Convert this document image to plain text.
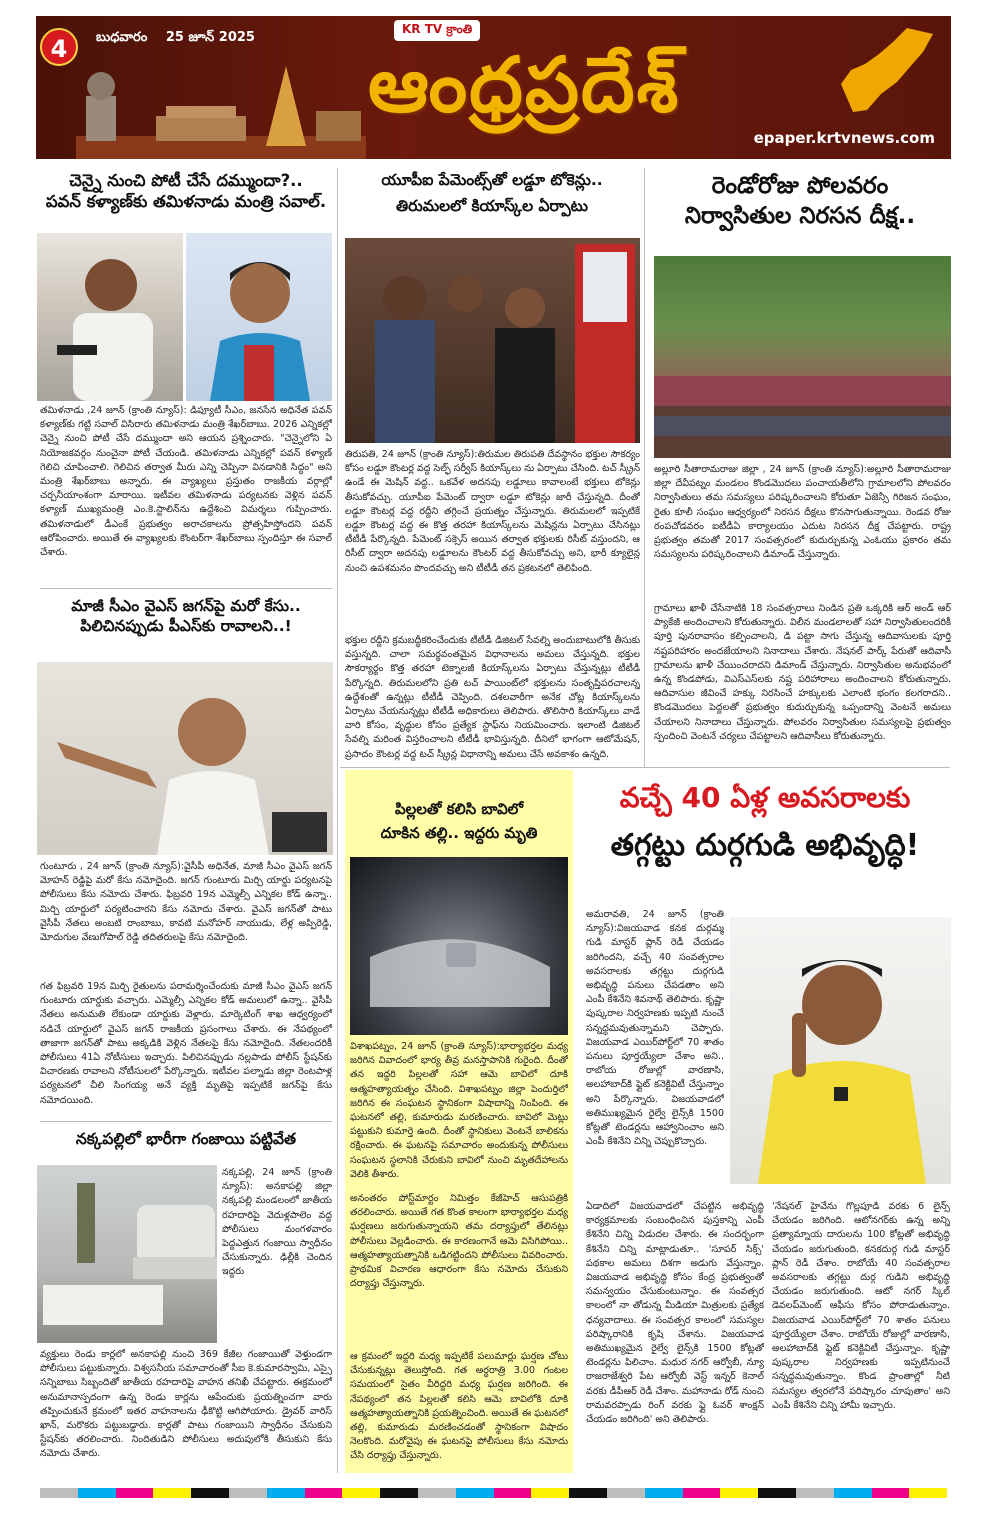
4	బుధవారం 25 జూన్ 2025
KR TV క్రాంతి
ఆంధ్రప్రదేశ్
epaper.krtvnews.com
చెన్నై నుంచి పోటీ చేసే దమ్ముందా?..
పవన్ కళ్యాణ్‌కు తమిళనాడు మంత్రి సవాల్.
తమిళనాడు ,24 జూన్ (క్రాంతి న్యూస్): డిప్యూటీ సీఎం, జనసేన అధినేత పవన్ కళ్యాణ్‌కు గట్టి సవాల్ విసిరారు తమిళనాడు మంత్రి శేఖర్‌బాబు. 2026 ఎన్నికల్లో చెన్నై నుంచి పోటీ చేసే దమ్ముందా అని ఆయన ప్రశ్నించారు. "చెన్నైలోని ఏ నియోజకవర్గం నుంచైనా పోటీ చేయండి. తమిళనాడు ఎన్నికల్లో పవన్ కళ్యాణ్ గెలిచి చూపించాలి. గెలిచిన తర్వాత మీరు ఎన్ని చెప్పినా వినడానికి సిద్ధం" అని మంత్రి శేఖర్‌బాబు అన్నారు. ఈ వ్యాఖ్యలు ప్రస్తుతం రాజకీయ వర్గాల్లో చర్చనీయాంశంగా మారాయి. ఇటీవల తమిళనాడు పర్యటనకు వెళ్లిన పవన్ కళ్యాణ్ ముఖ్యమంత్రి ఎం.కె.స్టాలిన్‌ను ఉద్దేశించి విమర్శలు గుప్పించారు. తమిళనాడులో డీఎంకే ప్రభుత్వం అరాచకాలను ప్రోత్సహిస్తోందని పవన్ ఆరోపించారు. అయితే ఈ వ్యాఖ్యలకు కౌంటర్‌గా శేఖర్‌బాబు స్పందిస్తూ ఈ సవాల్ చేశారు.
మాజీ సీఎం వైఎస్ జగన్‌పై మరో కేసు..
పిలిచినప్పుడు పీఎస్‌కు రావాలని..!
గుంటూరు , 24 జూన్ (క్రాంతి న్యూస్):వైసీపీ అధినేత, మాజీ సీఎం వైఎస్ జగన్ మోహన్ రెడ్డిపై మరో కేసు నమోదైంది. జగన్ గుంటూరు మిర్చి యార్డు పర్యటనపై పోలీసులు కేసు నమోదు చేశారు. ఫిబ్రవరి 19న ఎమ్మెల్సీ ఎన్నికల కోడ్ ఉన్నా.. మిర్చి యార్డులో పర్యటించారని కేసు నమోదు చేశారు. వైఎస్ జగన్‌తో పాటు వైసీపీ నేతలు అంబటి రాంబాబు, కావటి మనోహర్ నాయుడు, లేళ్ల అప్పిరెడ్డి, మోదుగుల వేణుగోపాల్ రెడ్డి తదితరులపై కేసు నమోదైంది.
గత ఫిబ్రవరి 19న మిర్చి రైతులను పరామర్శించేందుకు మాజీ సీఎం వైఎస్ జగన్ గుంటూరు యార్డుకు వచ్చారు. ఎమ్మెల్సీ ఎన్నికల కోడ్ అమలులో ఉన్నా.. వైసీపీ నేతలు అనుమతి లేకుండా యార్డుకు వెళ్లారు. మార్కెటింగ్ శాఖ ఆధ్వర్యంలో నడిచే యార్డులో వైఎస్ జగన్ రాజకీయ ప్రసంగాలు చేశారు. ఈ నేపథ్యంలో తాజాగా జగన్‌తో పాటు అక్కడికి వెళ్లిన నేతలపై కేసు నమోదైంది. నేతలందరికీ పోలీసులు 41ఏ నోటీసులు ఇచ్చారు. పిలిచినప్పుడు నల్లపాడు పోలీస్ స్టేషన్‌కు విచారణకు రావాలని నోటీసులలో పేర్కొన్నారు. ఇటీవల పల్నాడు జిల్లా రెంటపాళ్ల పర్యటనలో చీలి సింగయ్య అనే వ్యక్తి మృతిపై ఇప్పటికే జగన్‌పై కేసు నమోదయింది.
నక్కపల్లిలో భారీగా గంజాయి పట్టివేత
నక్కపల్లి, 24 జూన్ (క్రాంతి న్యూస్): అనకాపల్లి జిల్లా నక్కపల్లి మండలంలో జాతీయ రహదారిపై వెదుళ్లపాలెం వద్ద పోలీసులు మంగళవారం పెద్దఎత్తున గంజాయి స్వాధీనం చేసుకున్నారు. ఢిల్లీకి చెందిన ఇద్దరు
వ్యక్తులు రెండు కార్లలో అనకాపల్లి నుంచి 369 కేజీల గంజాయితో వెళ్తుండగా పోలీసులు పట్టుకున్నారు. విశ్వసనీయ సమాచారంతో సీఐ కె.కుమారస్వామి, ఎస్సై సన్నిబాబు సిబ్బందితో జాతీయ రహదారిపై వాహన తనిఖీ చేపట్టారు. ఈక్రమంలో అనుమానాస్పదంగా ఉన్న రెండు కార్లను ఆపేందుకు ప్రయత్నించగా వారు తప్పించుకునే క్రమంలో ఇతర వాహనాలను ఢీకొట్టి ఆగిపోయారు. డ్రైవర్ వారిస్ ఖాన్, మరొకరు పట్టుబడ్డారు. కార్లతో పాటు గంజాయిని స్వాధీనం చేసుకుని స్టేషన్‌కు తరలించారు. నిందితుడిని పోలీసులు అదుపులోకి తీసుకుని కేసు నమోదు చేశారు.
యూపీఐ పేమెంట్స్‌తో లడ్డూ టోకెన్లు..
తిరుమలలో కియాస్క్‌ల ఏర్పాటు
తిరుపతి, 24 జూన్ (క్రాంతి న్యూస్):తిరుమల తిరుపతి దేవస్థానం భక్తుల సౌకర్యం కోసం లడ్డూ కౌంటర్ల వద్ద సెల్ఫ్ సర్వీస్ కియాస్క్‌లు ను ఏర్పాటు చేసింది. టచ్ స్క్రీన్ ఉండే ఈ మెషిన్ వద్ద.. ఒకవేళ అదనపు లడ్డూలు కావాలంటే భక్తులు టోకెన్లు తీసుకోవచ్చు. యూపీఐ పేమెంట్ ద్వారా లడ్డూ టోకెన్లు జారీ చేస్తున్నది. దీంతో లడ్డూ కౌంటర్ల వద్ద రద్దీని తగ్గించే ప్రయత్నం చేస్తున్నారు. తిరుమలలో ఇప్పటికే లడ్డూ కౌంటర్ల వద్ద ఈ కొత్త తరహా కియాస్క్‌లను మెషిన్లను ఏర్పాటు చేసినట్లు టీటీడీ పేర్కొన్నది. పేమెంట్ సక్సెస్ అయిన తర్వాత భక్తులకు రిసీట్ వస్తుందని, ఆ రిసీట్ ద్వారా అదనపు లడ్డూలను కౌంటర్ వద్ద తీసుకోవచ్చు అని, భారీ క్యూలైన్ల నుంచి ఉపశమనం పొందవచ్చు అని టీటీడీ తన ప్రకటనలో తెలిపింది.
భక్తుల రద్దీని క్రమబద్ధీకరించేందుకు టీటీడీ డిజిటల్ సేవల్ని అందుబాటులోకి తీసుకు వస్తున్నది. చాలా సమర్థవంతమైన విధానాలను అమలు చేస్తున్నది. భక్తుల సౌకర్యార్థం కొత్త తరహా టెక్నాలజీ కియాస్క్‌లను ఏర్పాటు చేస్తున్నట్లు టీటీడీ పేర్కొన్నది. తిరుమలలోని ప్రతి టచ్ పాయింట్‌లో భక్తులను సంతృప్తిపరచాలన్న ఉద్దేశంతో ఉన్నట్లు టీటీడీ చెప్పింది. దశలవారీగా అనేక చోట్ల కియాస్క్‌లను ఏర్పాటు చేయనున్నట్లు టీటీడీ అధికారులు తెలిపారు. తొలిసారి కియాస్క్‌లు వాడే వారి కోసం, వృద్ధుల కోసం ప్రత్యేక స్టాఫ్‌ను నియమించారు. ఇలాంటి డిజిటల్ సేవల్ని మరింత విస్తరించాలని టీటీడీ భావిస్తున్నది. దీనిలో భాగంగా ఆటోమేషన్, ప్రసాదం కౌంటర్ల వద్ద టచ్ స్క్రీన్ల విధానాన్ని అమలు చేసే అవకాశం ఉన్నది.
పిల్లలతో కలిసి బావిలో
దూకిన తల్లి.. ఇద్దరు మృతి
విశాఖపట్నం, 24 జూన్ (క్రాంతి న్యూస్):భార్యాభర్తల మధ్య జరిగిన వివాదంలో భార్య తీవ్ర మనస్తాపానికి గురైంది. దీంతో తన ఇద్దరి పిల్లలతో సహా ఆమె బావిలో దూకి ఆత్మహత్యాయత్నం చేసింది. విశాఖపట్నం జిల్లా పెందుర్తిలో జరిగిన ఈ సంఘటన స్థానికంగా విషాదాన్ని నింపింది. ఈ ఘటనలో తల్లి, కుమారుడు మరణించారు. బావిలో మెట్లు పట్టుకుని కుమార్తె ఉంది. దీంతో స్థానికులు వెంటనే బాలికను రక్షించారు. ఈ ఘటనపై సమాచారం అందుకున్న పోలీసులు సంఘటన స్థలానికి చేరుకుని బావిలో నుంచి మృతదేహాలను వెలికి తీశారు.
అనంతరం పోస్ట్‌మార్టం నిమిత్తం కేజీహెచ్ ఆసుపత్రికి తరలించారు. అయితే గత కొంత కాలంగా భార్యాభర్తల మధ్య ఘర్షణలు జరుగుతున్నాయని తమ దర్యాప్తులో తేలినట్లు పోలీసులు వెల్లడించారు. ఈ కారణంగానే ఆమె విసిగిపోయి.. ఆత్మహత్యాయత్నానికి ఒడిగట్టిందని పోలీసులు వివరించారు. ప్రాథమిక విచారణ ఆధారంగా కేసు నమోదు చేసుకుని దర్యాప్తు చేస్తున్నారు.
ఆ క్రమంలో ఇద్దరి మధ్య ఇప్పటికే పలుమార్లు ఘర్షణ చోటు చేసుకున్నట్లు తెలుస్తోంది. గత అర్ధరాత్రి 3.00 గంటల సమయంలో సైతం వీరిద్దరి మధ్య ఘర్షణ జరిగింది. ఈ నేపథ్యంలో తన పిల్లలతో కలిసి ఆమె బావిలోకి దూకి ఆత్మహత్యాయత్నానికి ప్రయత్నించింది. అయితే ఈ ఘటనలో తల్లి, కుమారుడు మరణించడంతో స్థానికంగా విషాదం నెలకొంది. మరోవైపు ఈ ఘటనపై పోలీసులు కేసు నమోదు చేసి దర్యాప్తు చేస్తున్నారు.
రెండోరోజు పోలవరం
నిర్వాసితుల నిరసన దీక్ష..
అల్లూరి సీతారామరాజు జిల్లా , 24 జూన్ (క్రాంతి న్యూస్):అల్లూరి సీతారామరాజు జిల్లా దేవీపట్నం మండలం కొండమొదలు పంచాయతీలోని గ్రామాలలోని పోలవరం నిర్వాసితులు తమ సమస్యలు పరిష్కరించాలని కోరుతూ ఏజెన్సీ గిరిజన సంఘం, రైతు కూలీ సంఘం ఆధ్వర్యంలో నిరసన దీక్షలు కొనసాగుతున్నాయి. రెండవ రోజు రంపచోడవరం ఐటీడీఏ కార్యాలయం ఎదుట నిరసన దీక్ష చేపట్టారు. రాష్ట్ర ప్రభుత్వం తమతో 2017 సంవత్సరంలో కుదుర్చుకున్న ఎంఓయు ప్రకారం తమ సమస్యలను పరిష్కరించాలని డిమాండ్ చేస్తున్నారు.
గ్రామాలు ఖాళీ చేసేనాటికి 18 సంవత్సరాలు నిండిన ప్రతి ఒక్కరికి ఆర్ అండ్ ఆర్ ప్యాకేజీ అందించాలని కోరుతున్నారు. విలీన మండలాలతో సహా నిర్వాసితులందరికీ పూర్తి పునరావాసం కల్పించాలని, డి పట్టా సాగు చేస్తున్న ఆదివాసులకు పూర్తి నష్టపరిహారం అందజేయాలని నినాదాలు చేశారు. నేషనల్ పార్క్ పేరుతో ఆదివాసీ గ్రామాలను ఖాళీ చేయించరాదని డిమాండ్ చేస్తున్నారు. నిర్వాసితుల అనుభవంలో ఉన్న కొండపోడు, విఎస్ఎస్‌లకు నష్ట పరిహారాలు అందించాలని కోరుతున్నారు. ఆదివాసుల జీవించే హక్కు నిరసించే హక్కులకు ఎలాంటి భంగం కలగరాదని.. కొండమొదలు పెద్దలతో ప్రభుత్వం కుదుర్చుకున్న ఒప్పందాన్ని వెంటనే అమలు చేయాలని నినాదాలు చేస్తున్నారు. పోలవరం నిర్వాసితుల సమస్యలపై ప్రభుత్వం స్పందించి వెంటనే చర్యలు చేపట్టాలని ఆదివాసీలు కోరుతున్నారు.
వచ్చే 40 ఏళ్ల అవసరాలకు
తగ్గట్టు దుర్గగుడి అభివృద్ధి!
అమరావతి, 24 జూన్ (క్రాంతి న్యూస్):విజయవాడ కనక దుర్గమ్మ గుడి మాస్టర్ ప్లాన్ రెడీ చేయడం జరిగిందని, వచ్చే 40 సంవత్సరాల అవసరాలకు తగ్గట్టు దుర్గగుడి అభివృద్ధి పనులు చేపడతాం అని ఎంపీ కేశినేని శివనాథ్ తెలిపారు. కృష్ణా పుష్కరాల నిర్వహణకు ఇప్పటి నుంచే సన్నద్ధమవుతున్నామని చెప్పారు. విజయవాడ ఎయిర్‌పోర్ట్‌లో 70 శాతం పనులు పూర్తయ్యేలా చేశాం అని.. రాబోయ రోజుల్లో వారణాసి, అలహాబాద్‌కి ఫ్లైట్ కనెక్టివిటీ చేస్తున్నాం అని పేర్కొన్నారు. విజయవాడలో అతిముఖ్యమైన రైల్వే లైన్స్‌కి 1500 కోట్లతో టెండర్లను ఆహ్వానించాం అని ఎంపీ కేశినేని చిన్ని చెప్పుకొచ్చారు.
ఏడాదిలో విజయవాడలో చేపట్టిన అభివృద్ధి కార్యక్రమాలకు సంబంధించిన పుస్తకాన్ని ఎంపీ కేశినేని చిన్ని విడుదల చేశారు. ఈ సందర్భంగా కేశినేని చిన్ని మాట్లాడుతూ.. 'సూపర్ సిక్స్' పథకాల అమలు దిశగా అడుగు వేస్తున్నాం. విజయవాడ అభివృద్ధి కోసం కేంద్ర ప్రభుత్వంతో సమన్వయం చేసుకుంటున్నాం. ఈ సంవత్సర కాలంలో నా తోడున్న మీడియా మిత్రులకు ప్రత్యేక ధన్యవాదాలు. ఈ సంవత్సర కాలంలో సమస్యల పరిష్కారానికి కృషి చేశాను. విజయవాడ అతిముఖ్యమైన రైల్వే లైన్స్‌కి 1500 కోట్లతో టెండర్లను పిలిచాం. మధుర నగర్ ఆర్వోబీ, న్యూ రాజరాజేశ్వరి పేట ఆర్వోబీ వెస్ట్ ఇన్నర్ కెనాల్ వరకు డీపీఆర్ రెడీ చేశాం. మహానాడు రోడ్ నుంచి రామవరప్పాడు రింగ్ వరకు ఫ్లై ఓవర్ శాంక్షన్ చేయడం జరిగింది' అని తెలిపారు.
'నేషనల్ హైవేను గొల్లపూడి వరకు 6 లైన్స్ చేయడం జరిగింది. ఆటోనగర్‌కు ఉన్న అన్ని ప్రత్యామ్నాయ దారులను 100 కోట్లతో అభివృద్ధి చేయడం జరుగుతుంది. కనకదుర్గ గుడి మాస్టర్ ప్లాన్ రెడీ చేశాం. రాబోయే 40 సంవత్సరాల అవసరాలకు తగ్గట్టు దుర్గ గుడిని అభివృద్ధి చేయడం జరుగుతుంది. ఆటో నగర్ స్కిల్ డెవలప్‌మెంట్ ఆఫీసు కోసం పోరాడుతున్నాం. విజయవాడ ఎయిర్‌పోర్ట్‌లో 70 శాతం పనులు పూర్తయ్యేలా చేశాం. రాబోయే రోజుల్లో వారణాసి, అలహాబాద్‌కి ఫ్లైట్ కనెక్టివిటీ చేస్తున్నాం. కృష్ణా పుష్కరాల నిర్వహణకు ఇప్పటినుంచే సన్నద్ధమవుతున్నాం. కొండ ప్రాంతాల్లో నీటి సమస్యల త్వరలోనే పరిష్కారం చూపుతాం' అని ఎంపీ కేశినేని చిన్ని హామీ ఇచ్చారు.
